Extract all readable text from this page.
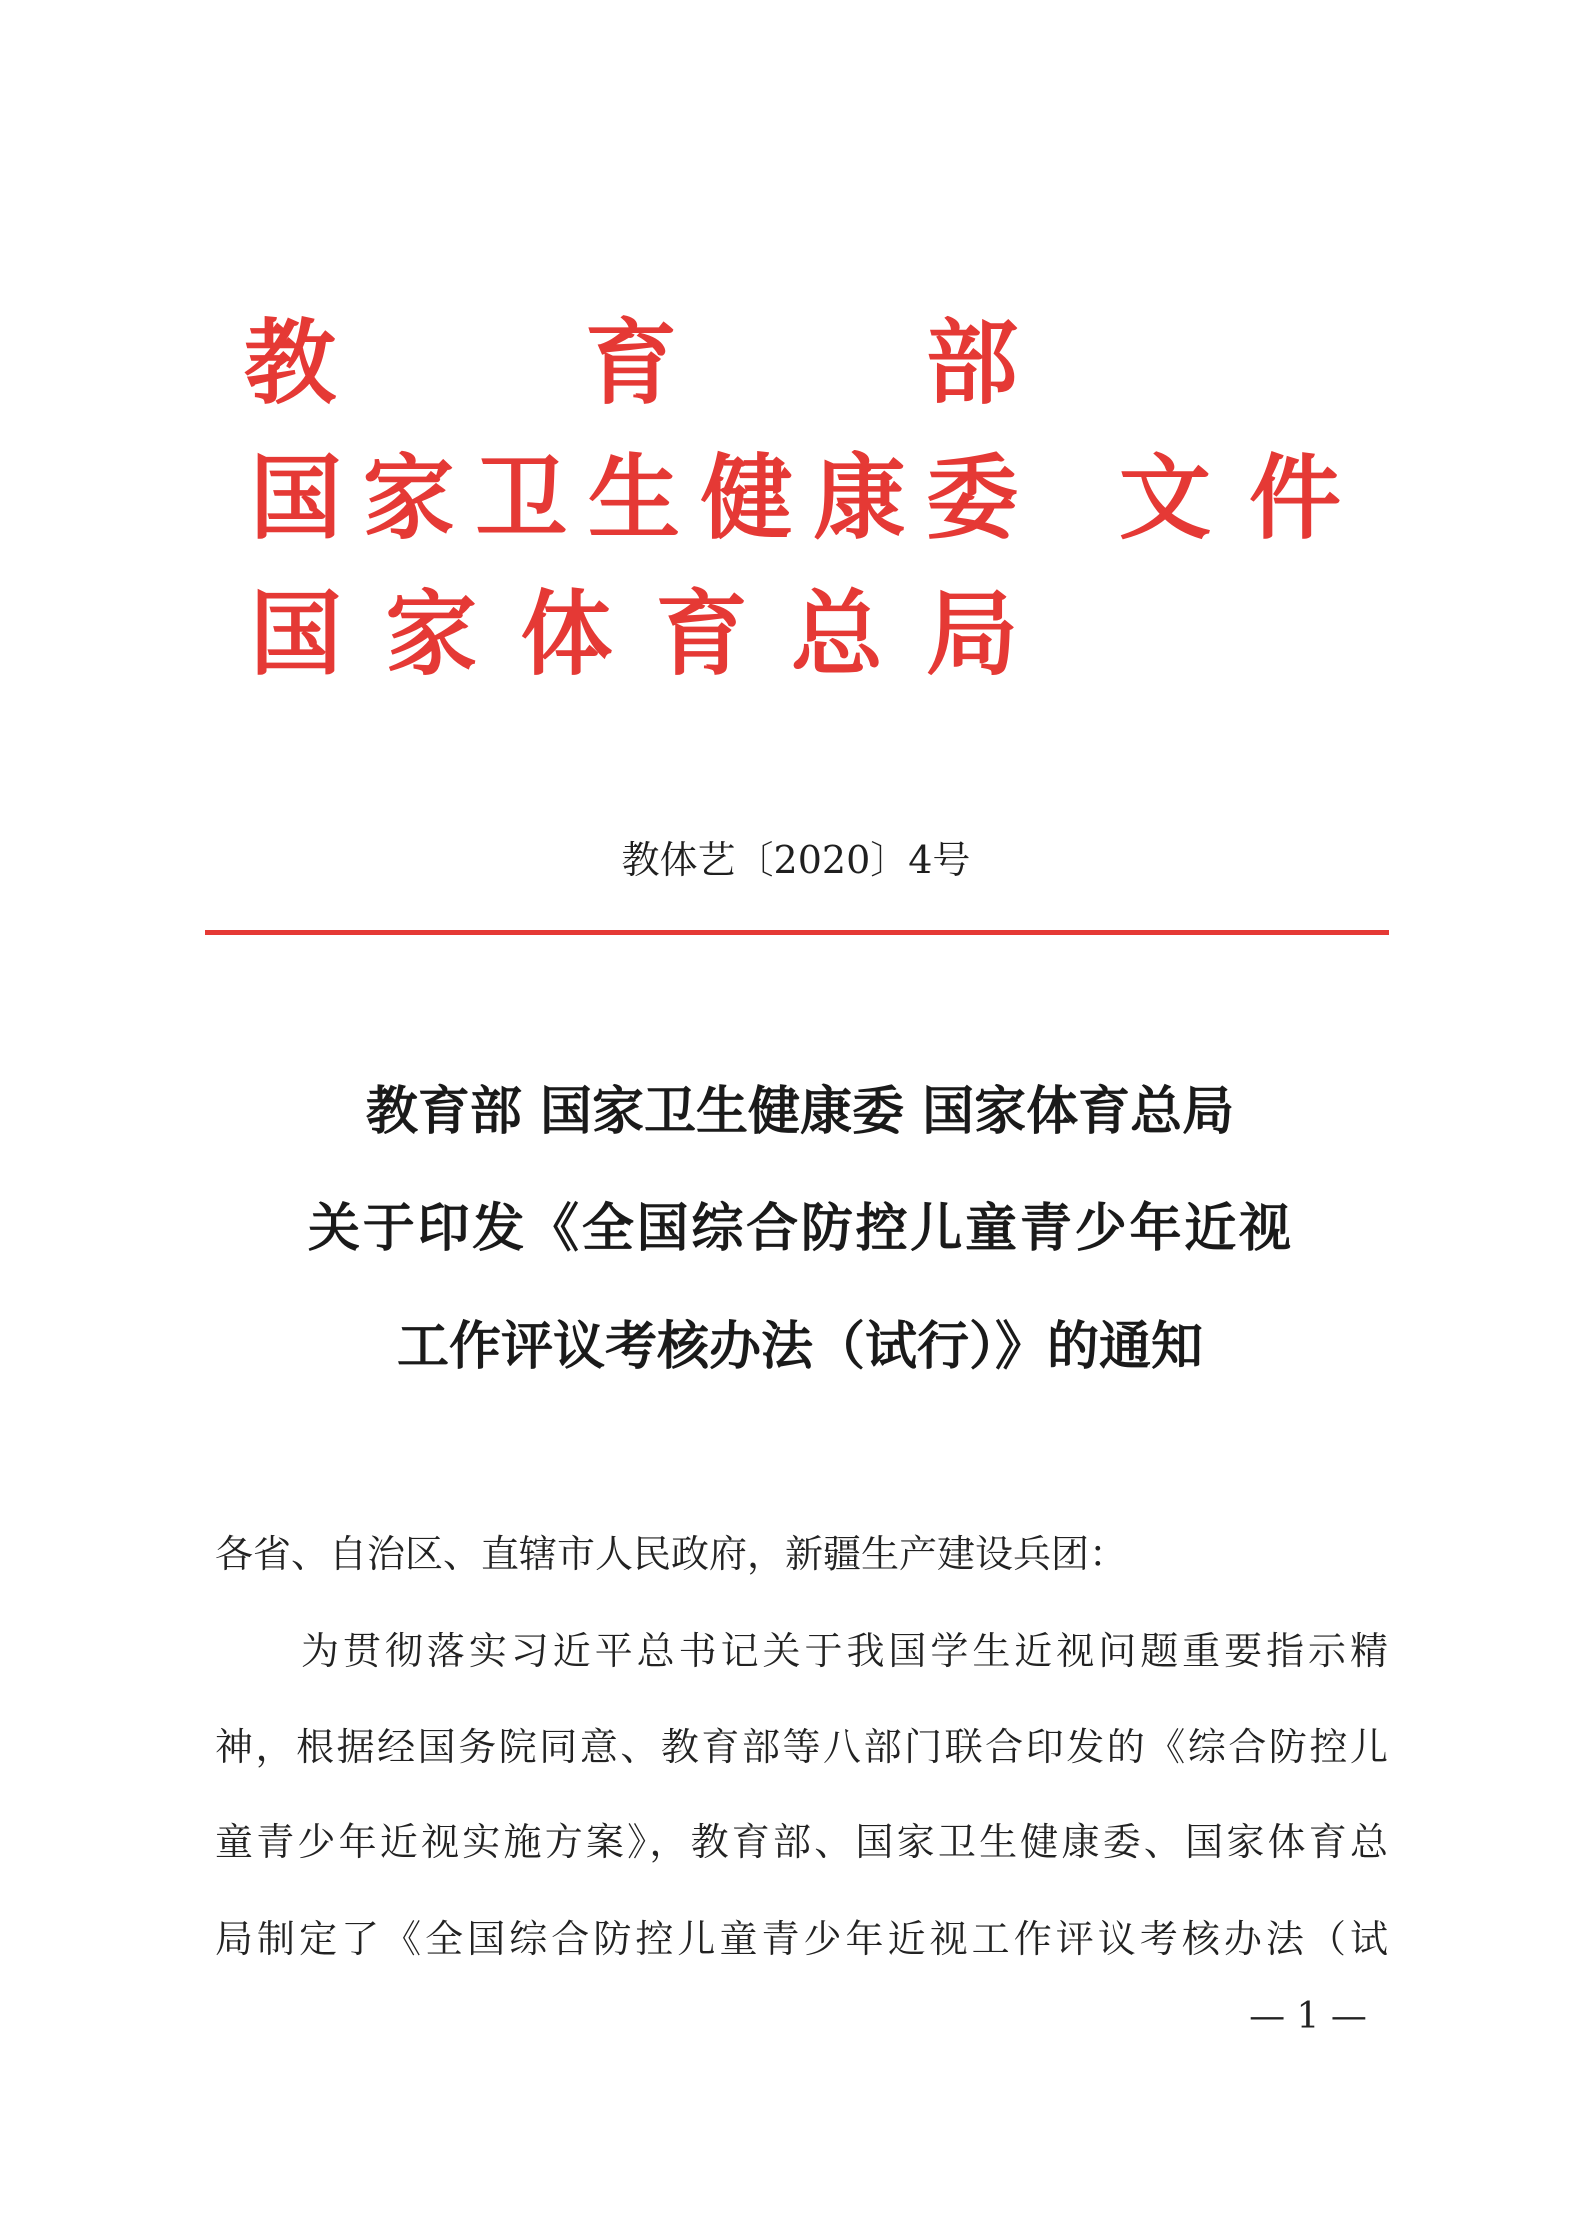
教育部
国家卫生健康委 文件
国家体育总局
教体艺〔2020〕4号
教育部 国家卫生健康委 国家体育总局
关于印发《全国综合防控儿童青少年近视
工作评议考核办法（试行）》的通知
各省、自治区、直辖市人民政府，新疆生产建设兵团：
为贯彻落实习近平总书记关于我国学生近视问题重要指示精
神，根据经国务院同意、教育部等八部门联合印发的《综合防控儿
童青少年近视实施方案》，教育部、国家卫生健康委、国家体育总
局制定了《全国综合防控儿童青少年近视工作评议考核办法（试
— 1 —
